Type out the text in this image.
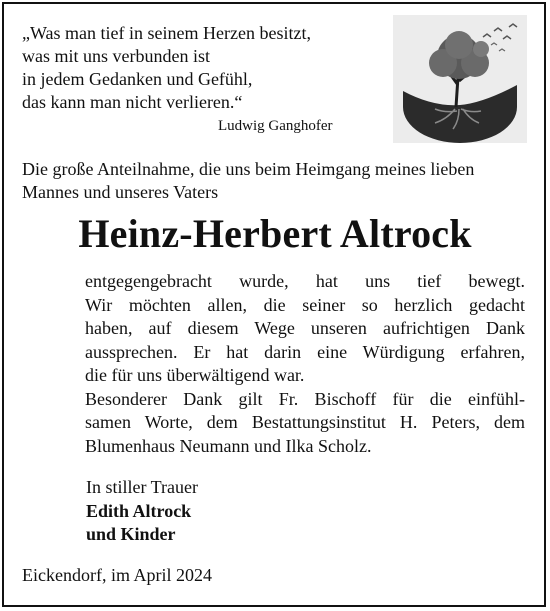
„Was man tief in seinem Herzen besitzt,
was mit uns verbunden ist
in jedem Gedanken und Gefühl,
das kann man nicht verlieren.“
Ludwig Ganghofer
Die große Anteilnahme, die uns beim Heimgang meines lieben
Mannes und unseres Vaters
Heinz-Herbert Altrock
entgegengebracht wurde, hat uns tief bewegt.
Wir möchten allen, die seiner so herzlich gedacht
haben, auf diesem Wege unseren aufrichtigen Dank
aussprechen. Er hat darin eine Würdigung erfahren,
die für uns überwältigend war.
Besonderer Dank gilt Fr. Bischoff für die einfühl-
samen Worte, dem Bestattungsinstitut H. Peters, dem
Blumenhaus Neumann und Ilka Scholz.
In stiller Trauer
Edith Altrock
und Kinder
Eickendorf, im April 2024
